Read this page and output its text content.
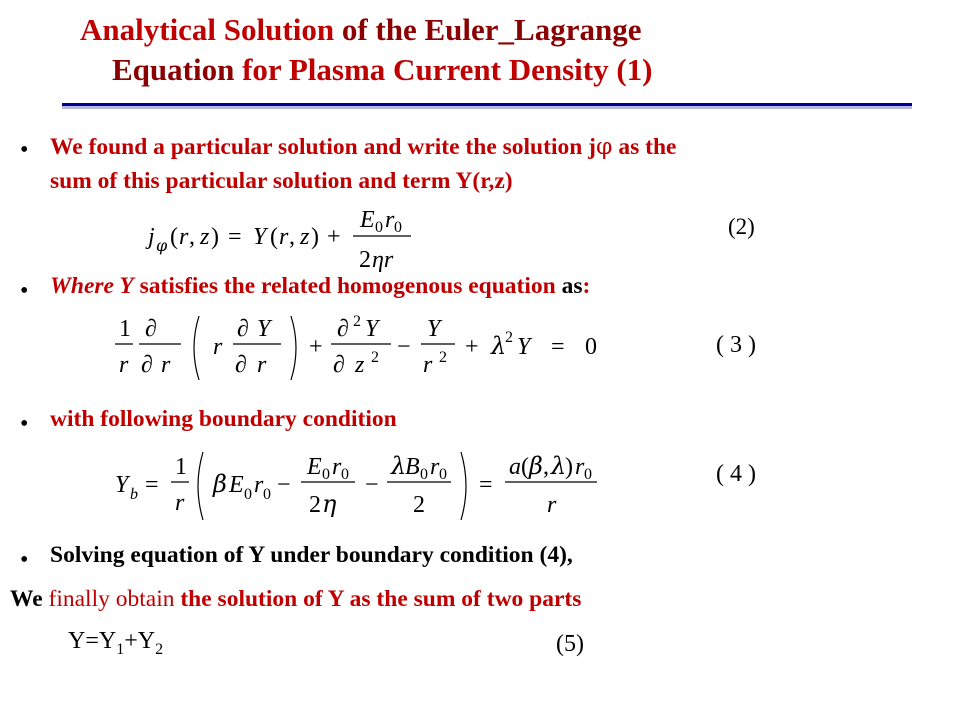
Analytical Solution of the Euler_Lagrange
Equation for Plasma Current Density (1)
• We found a particular solution and write the solution jφ as the
sum of this particular solution and term Y(r,z)
j φ ( r , z ) = Y ( r , z ) +
E 0 r 0
2 ηr
(2)
• Where Y satisfies the related homogenous equation as:
1
r
∂
∂ r
r
∂ Y
∂ r
+
∂ 2 Y
∂ z 2 −
Y
r 2 + λ
2 Y = 0	(3)
• with following boundary condition
Y b =
1
r
β E 0 r 0 −
E 0 r 0
2 η
−
λ
B 0 r 0
2
=
a ( β , λ
) r 0
r
(4)
• Solving equation of Y under boundary condition (4),
We finally obtain the solution of Y as the sum of two parts
$Y=Y_1+Y_2$	(5)
